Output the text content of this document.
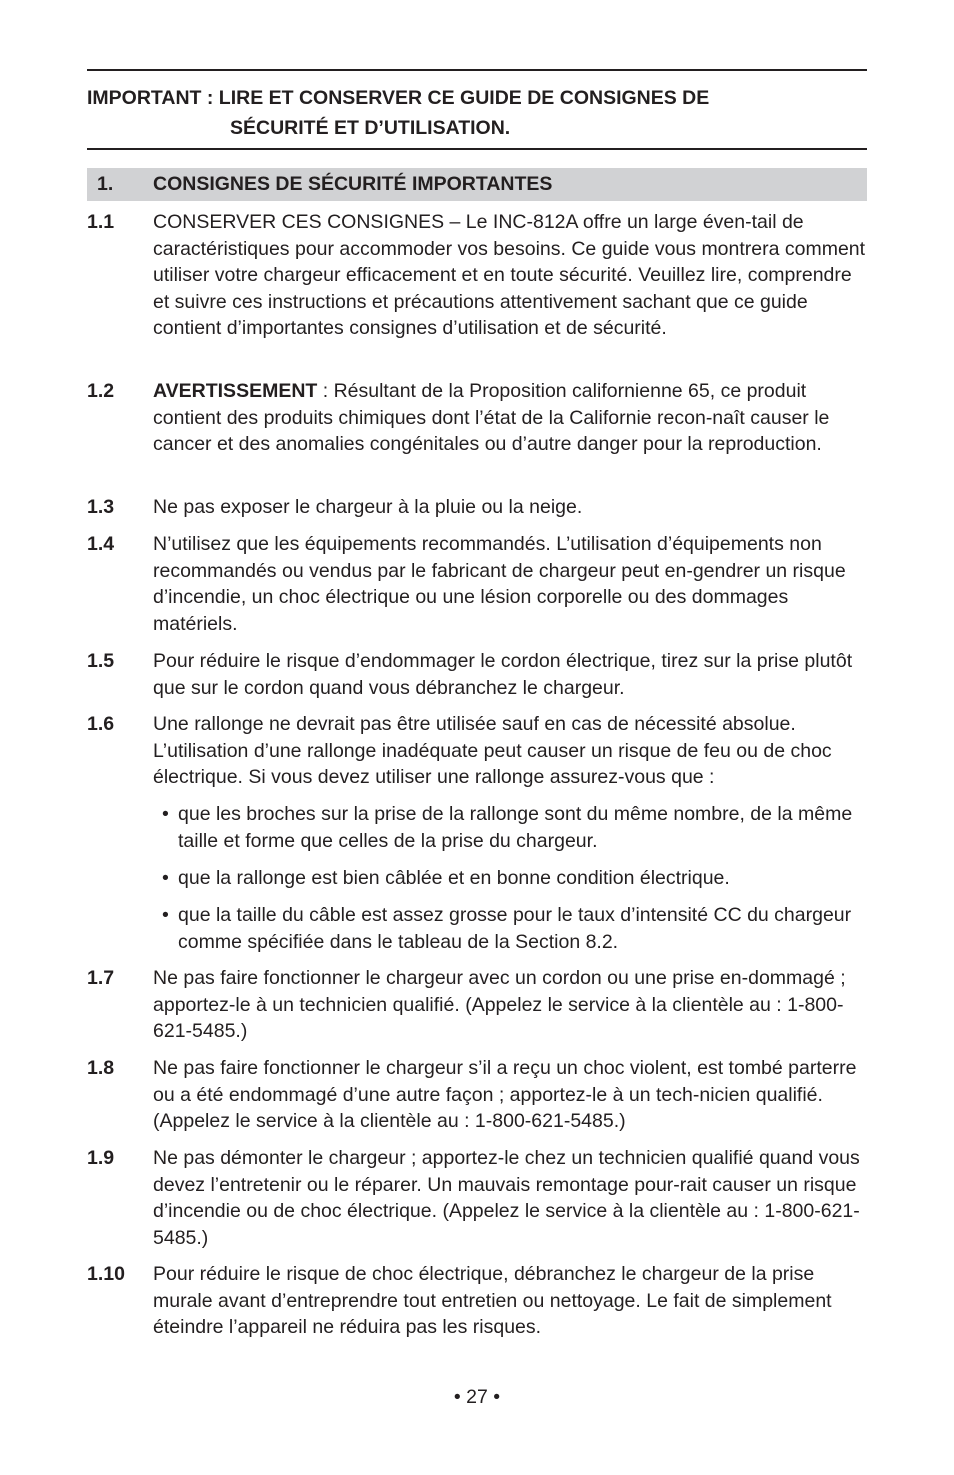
IMPORTANT : LIRE ET CONSERVER CE GUIDE DE CONSIGNES DE
SÉCURITÉ ET D’UTILISATION.
1. CONSIGNES DE SÉCURITÉ IMPORTANTES
1.1 CONSERVER CES CONSIGNES – Le INC-812A offre un large éven-tail de caractéristiques pour accommoder vos besoins. Ce guide vous montrera comment utiliser votre chargeur efficacement et en toute sécurité. Veuillez lire, comprendre et suivre ces instructions et précautions attentivement sachant que ce guide contient d’importantes consignes d’utilisation et de sécurité.
1.2 AVERTISSEMENT : Résultant de la Proposition californienne 65, ce produit contient des produits chimiques dont l’état de la Californie recon-naît causer le cancer et des anomalies congénitales ou d’autre danger pour la reproduction.
1.3 Ne pas exposer le chargeur à la pluie ou la neige.
1.4 N’utilisez que les équipements recommandés. L’utilisation d’équipements non recommandés ou vendus par le fabricant de chargeur peut en-gendrer un risque d’incendie, un choc électrique ou une lésion corporelle ou des dommages matériels.
1.5 Pour réduire le risque d’endommager le cordon électrique, tirez sur la prise plutôt que sur le cordon quand vous débranchez le chargeur.
1.6 Une rallonge ne devrait pas être utilisée sauf en cas de nécessité absolue. L’utilisation d’une rallonge inadéquate peut causer un risque de feu ou de choc électrique. Si vous devez utiliser une rallonge assurez-vous que :
• que les broches sur la prise de la rallonge sont du même nombre, de la même taille et forme que celles de la prise du chargeur.
• que la rallonge est bien câblée et en bonne condition électrique.
• que la taille du câble est assez grosse pour le taux d’intensité CC du chargeur comme spécifiée dans le tableau de la Section 8.2.
1.7 Ne pas faire fonctionner le chargeur avec un cordon ou une prise en-dommagé ; apportez-le à un technicien qualifié. (Appelez le service à la clientèle au : 1-800-621-5485.)
1.8 Ne pas faire fonctionner le chargeur s’il a reçu un choc violent, est tombé parterre ou a été endommagé d’une autre façon ; apportez-le à un tech-nicien qualifié. (Appelez le service à la clientèle au : 1-800-621-5485.)
1.9 Ne pas démonter le chargeur ; apportez-le chez un technicien qualifié quand vous devez l’entretenir ou le réparer. Un mauvais remontage pour-rait causer un risque d’incendie ou de choc électrique. (Appelez le service à la clientèle au : 1-800-621-5485.)
1.10 Pour réduire le risque de choc électrique, débranchez le chargeur de la prise murale avant d’entreprendre tout entretien ou nettoyage. Le fait de simplement éteindre l’appareil ne réduira pas les risques.
• 27 •
